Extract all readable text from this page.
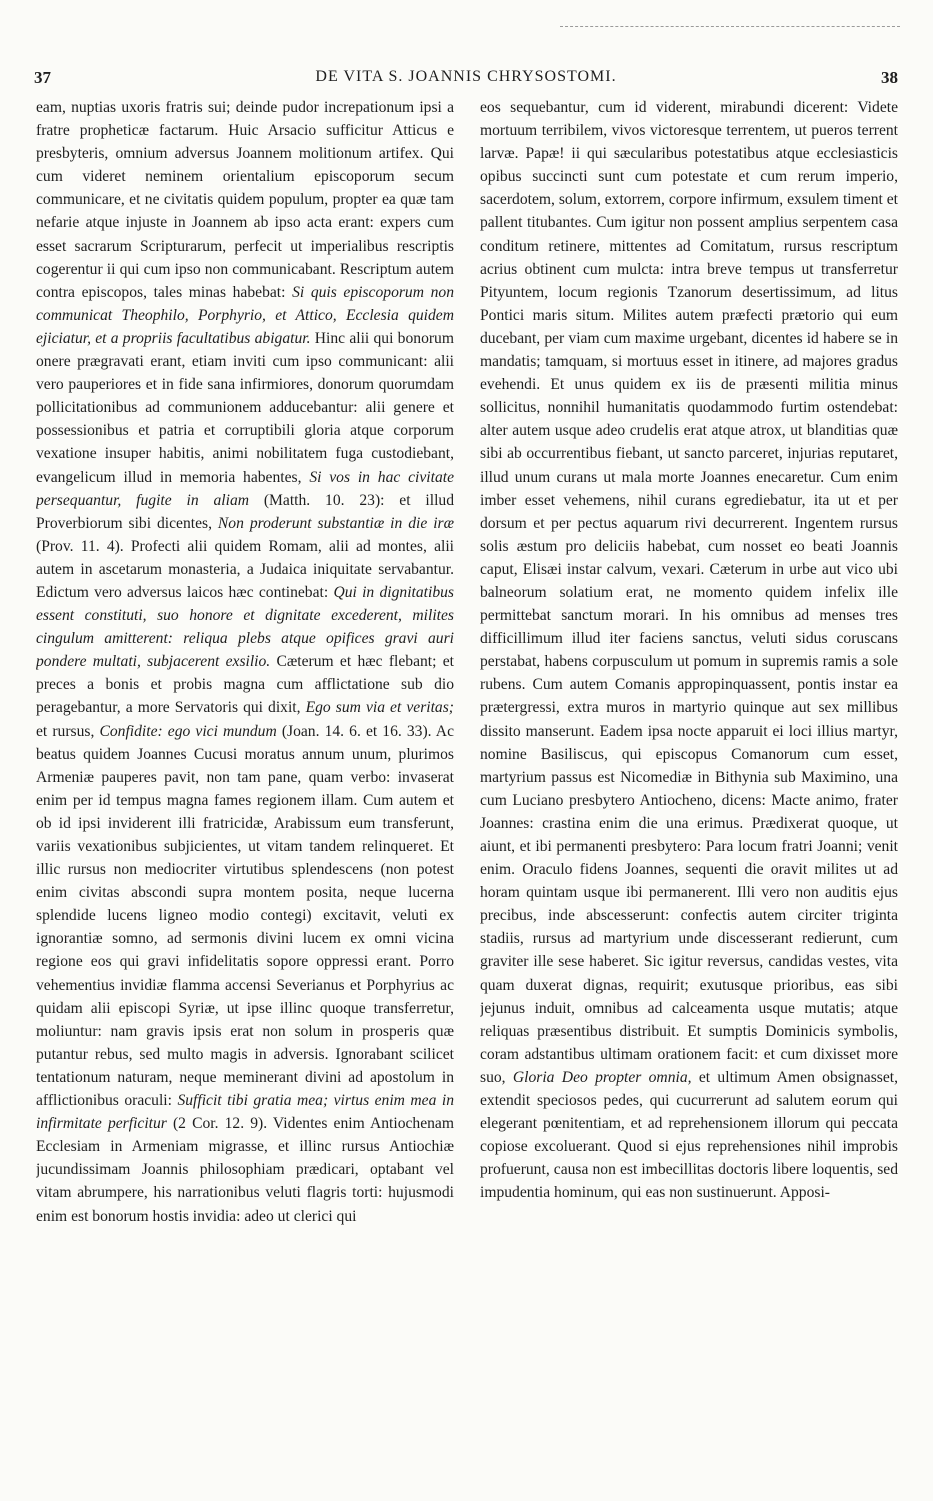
37	DE VITA S. JOANNIS CHRYSOSTOMI.	38

eam, nuptias uxoris fratris sui; deinde pudor increpationum ipsi a fratre propheticæ factarum. Huic Arsacio sufficitur Atticus e presbyteris, omnium adversus Joannem molitionum artifex. Qui cum videret neminem orientalium episcoporum secum communicare, et ne civitatis quidem populum, propter ea quæ tam nefarie atque injuste in Joannem ab ipso acta erant: expers cum esset sacrarum Scripturarum, perfecit ut imperialibus rescriptis cogerentur ii qui cum ipso non communicabant. Rescriptum autem contra episcopos, tales minas habebat: Si quis episcoporum non communicat Theophilo, Porphyrio, et Attico, Ecclesia quidem ejiciatur, et a propriis facultatibus abigatur. Hinc alii qui bonorum onere prægravati erant, etiam inviti cum ipso communicant: alii vero pauperiores et in fide sana infirmiores, donorum quorumdam pollicitationibus ad communionem adducebantur: alii genere et possessionibus et patria et corruptibili gloria atque corporum vexatione insuper habitis, animi nobilitatem fuga custodiebant, evangelicum illud in memoria habentes, Si vos in hac civitate persequantur, fugite in aliam (Matth. 10. 23): et illud Proverbiorum sibi dicentes, Non proderunt substantiæ in die iræ (Prov. 11. 4). Profecti alii quidem Romam, alii ad montes, alii autem in ascetarum monasteria, a Judaica iniquitate servabantur. Edictum vero adversus laicos hæc continebat: Qui in dignitatibus essent constituti, suo honore et dignitate excederent, milites cingulum amitterent: reliqua plebs atque opifices gravi auri pondere multati, subjacerent exsilio. Cæterum et hæc flebant; et preces a bonis et probis magna cum afflictatione sub dio peragebantur, a more Servatoris qui dixit, Ego sum via et veritas; et rursus, Confidite: ego vici mundum (Joan. 14. 6. et 16. 33). Ac beatus quidem Joannes Cucusi moratus annum unum, plurimos Armeniæ pauperes pavit, non tam pane, quam verbo: invaserat enim per id tempus magna fames regionem illam. Cum autem et ob id ipsi inviderent illi fratricidæ, Arabissum eum transferunt, variis vexationibus subjicientes, ut vitam tandem relinqueret. Et illic rursus non mediocriter virtutibus splendescens (non potest enim civitas abscondi supra montem posita, neque lucerna splendide lucens ligneo modio contegi) excitavit, veluti ex ignorantiæ somno, ad sermonis divini lucem ex omni vicina regione eos qui gravi infidelitatis sopore oppressi erant. Porro vehementius invidiæ flamma accensi Severianus et Porphyrius ac quidam alii episcopi Syriæ, ut ipse illinc quoque transferretur, moliuntur: nam gravis ipsis erat non solum in prosperis quæ putantur rebus, sed multo magis in adversis. Ignorabant scilicet tentationum naturam, neque meminerant divini ad apostolum in afflictionibus oraculi: Sufficit tibi gratia mea; virtus enim mea in infirmitate perficitur (2 Cor. 12. 9). Videntes enim Antiochenam Ecclesiam in Armeniam migrasse, et illinc rursus Antiochiæ jucundissimam Joannis philosophiam prædicari, optabant vel vitam abrumpere, his narrationibus veluti flagris torti: hujusmodi enim est bonorum hostis invidia: adeo ut clerici qui

eos sequebantur, cum id viderent, mirabundi dicerent: Videte mortuum terribilem, vivos victoresque terrentem, ut pueros terrent larvæ. Papæ! ii qui sæcularibus potestatibus atque ecclesiasticis opibus succincti sunt cum potestate et cum rerum imperio, sacerdotem, solum, extorrem, corpore infirmum, exsulem timent et pallent titubantes. Cum igitur non possent amplius serpentem casa conditum retinere, mittentes ad Comitatum, rursus rescriptum acrius obtinent cum mulcta: intra breve tempus ut transferretur Pityuntem, locum regionis Tzanorum desertissimum, ad litus Pontici maris situm. Milites autem præfecti prætorio qui eum ducebant, per viam cum maxime urgebant, dicentes id habere se in mandatis; tamquam, si mortuus esset in itinere, ad majores gradus evehendi. Et unus quidem ex iis de præsenti militia minus sollicitus, nonnihil humanitatis quodammodo furtim ostendebat: alter autem usque adeo crudelis erat atque atrox, ut blanditias quæ sibi ab occurrentibus fiebant, ut sancto parceret, injurias reputaret, illud unum curans ut mala morte Joannes enecaretur. Cum enim imber esset vehemens, nihil curans egrediebatur, ita ut et per dorsum et per pectus aquarum rivi decurrerent. Ingentem rursus solis æstum pro deliciis habebat, cum nosset eo beati Joannis caput, Elisæi instar calvum, vexari. Cæterum in urbe aut vico ubi balneorum solatium erat, ne momento quidem infelix ille permittebat sanctum morari. In his omnibus ad menses tres difficillimum illud iter faciens sanctus, veluti sidus coruscans perstabat, habens corpusculum ut pomum in supremis ramis a sole rubens. Cum autem Comanis appropinquassent, pontis instar ea prætergressi, extra muros in martyrio quinque aut sex millibus dissito manserunt. Eadem ipsa nocte apparuit ei loci illius martyr, nomine Basiliscus, qui episcopus Comanorum cum esset, martyrium passus est Nicomediæ in Bithynia sub Maximino, una cum Luciano presbytero Antiocheno, dicens: Macte animo, frater Joannes: crastina enim die una erimus. Prædixerat quoque, ut aiunt, et ibi permanenti presbytero: Para locum fratri Joanni; venit enim. Oraculo fidens Joannes, sequenti die oravit milites ut ad horam quintam usque ibi permanerent. Illi vero non auditis ejus precibus, inde abscesserunt: confectis autem circiter triginta stadiis, rursus ad martyrium unde discesserant redierunt, cum graviter ille sese haberet. Sic igitur reversus, candidas vestes, vita quam duxerat dignas, requirit; exutusque prioribus, eas sibi jejunus induit, omnibus ad calceamenta usque mutatis; atque reliquas præsentibus distribuit. Et sumptis Dominicis symbolis, coram adstantibus ultimam orationem facit: et cum dixisset more suo, Gloria Deo propter omnia, et ultimum Amen obsignasset, extendit speciosos pedes, qui cucurrerunt ad salutem eorum qui elegerant pœnitentiam, et ad reprehensionem illorum qui peccata copiose excoluerant. Quod si ejus reprehensiones nihil improbis profuerunt, causa non est imbecillitas doctoris libere loquentis, sed impudentia hominum, qui eas non sustinuerunt. Apposi-
